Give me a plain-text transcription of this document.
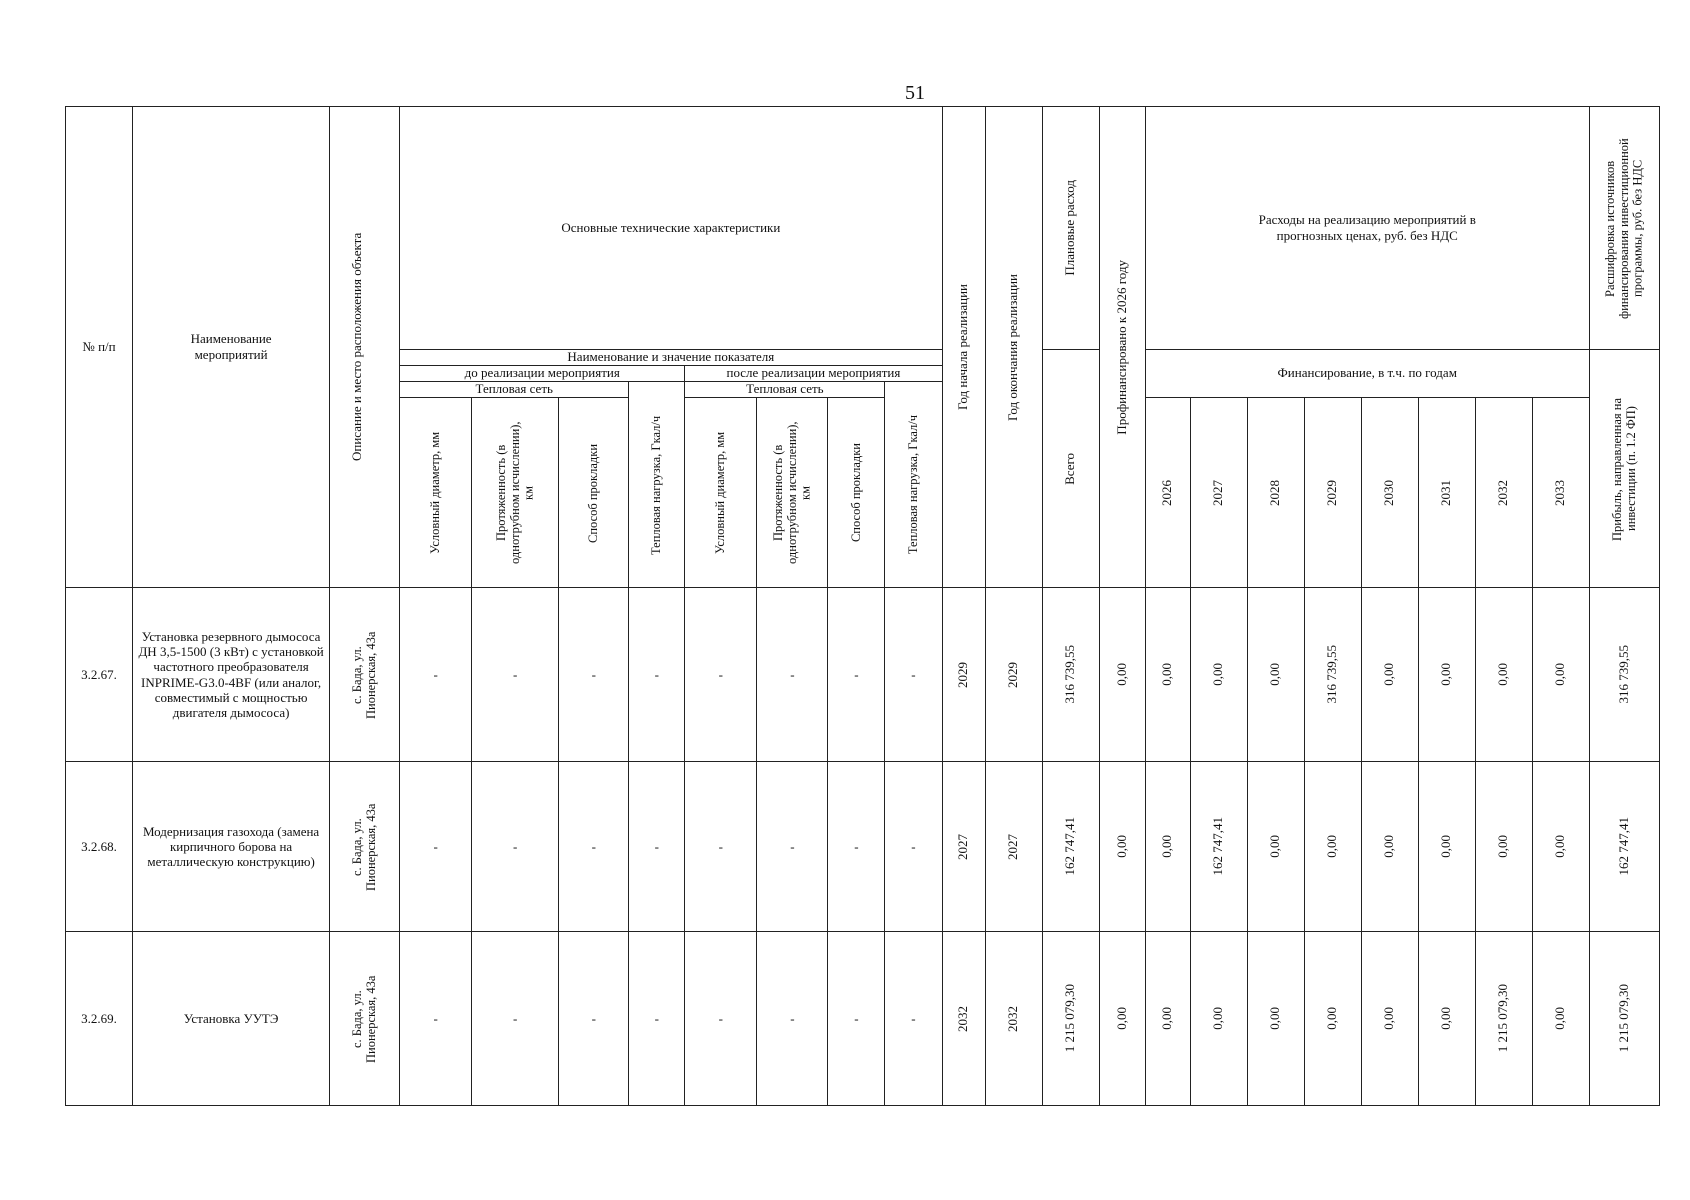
51
№ п/п	Наименование мероприятий	Описание и место расположения объекта	Основные технические характеристики								Год начала реализации	Год окончания реализации	Плановые расход	Профинансировано к 2026 году	Расходы на реализацию мероприятий в прогнозных ценах, руб. без НДС								Расшифровка источников финансирования инвестиционной программы, руб. без НДС

			Наименование и значение показателя										Всего		Финансирование, в т.ч. по годам								Прибыль, направленная на инвестиции (п. 1.2 ФП)

			до реализации мероприятия				после реализации мероприятия																
			Тепловая сеть			Тепловая нагрузка, Гкал/ч	Тепловая сеть			Тепловая нагрузка, Гкал/ч													

			Условный диаметр, мм	Протяженность (в однотрубном исчислении), км	Способ прокладки		Условный диаметр, мм	Протяженность (в однотрубном исчислении), км	Способ прокладки						2026	2027	2028	2029	2030	2031	2032	2033	

3.2.67.	Установка резервного дымососа ДН 3,5-1500 (3 кВт) с установкой частотного преобразователя INPRIME-G3.0-4BF (или аналог, совместимый с мощностью двигателя дымососа)	с. Бада, ул. Пионерская, 43а	-	-	-	-	-	-	-	-	2029	2029	316 739,55	0,00	0,00	0,00	0,00	316 739,55	0,00	0,00	0,00	0,00	316 739,55

3.2.68.	Модернизация газохода (замена кирпичного борова на металлическую конструкцию)	с. Бада, ул. Пионерская, 43а	-	-	-	-	-	-	-	-	2027	2027	162 747,41	0,00	0,00	162 747,41	0,00	0,00	0,00	0,00	0,00	0,00	162 747,41

3.2.69.	Установка УУТЭ	с. Бада, ул. Пионерская, 43а	-	-	-	-	-	-	-	-	2032	2032	1 215 079,30	0,00	0,00	0,00	0,00	0,00	0,00	0,00	1 215 079,30	0,00	1 215 079,30
